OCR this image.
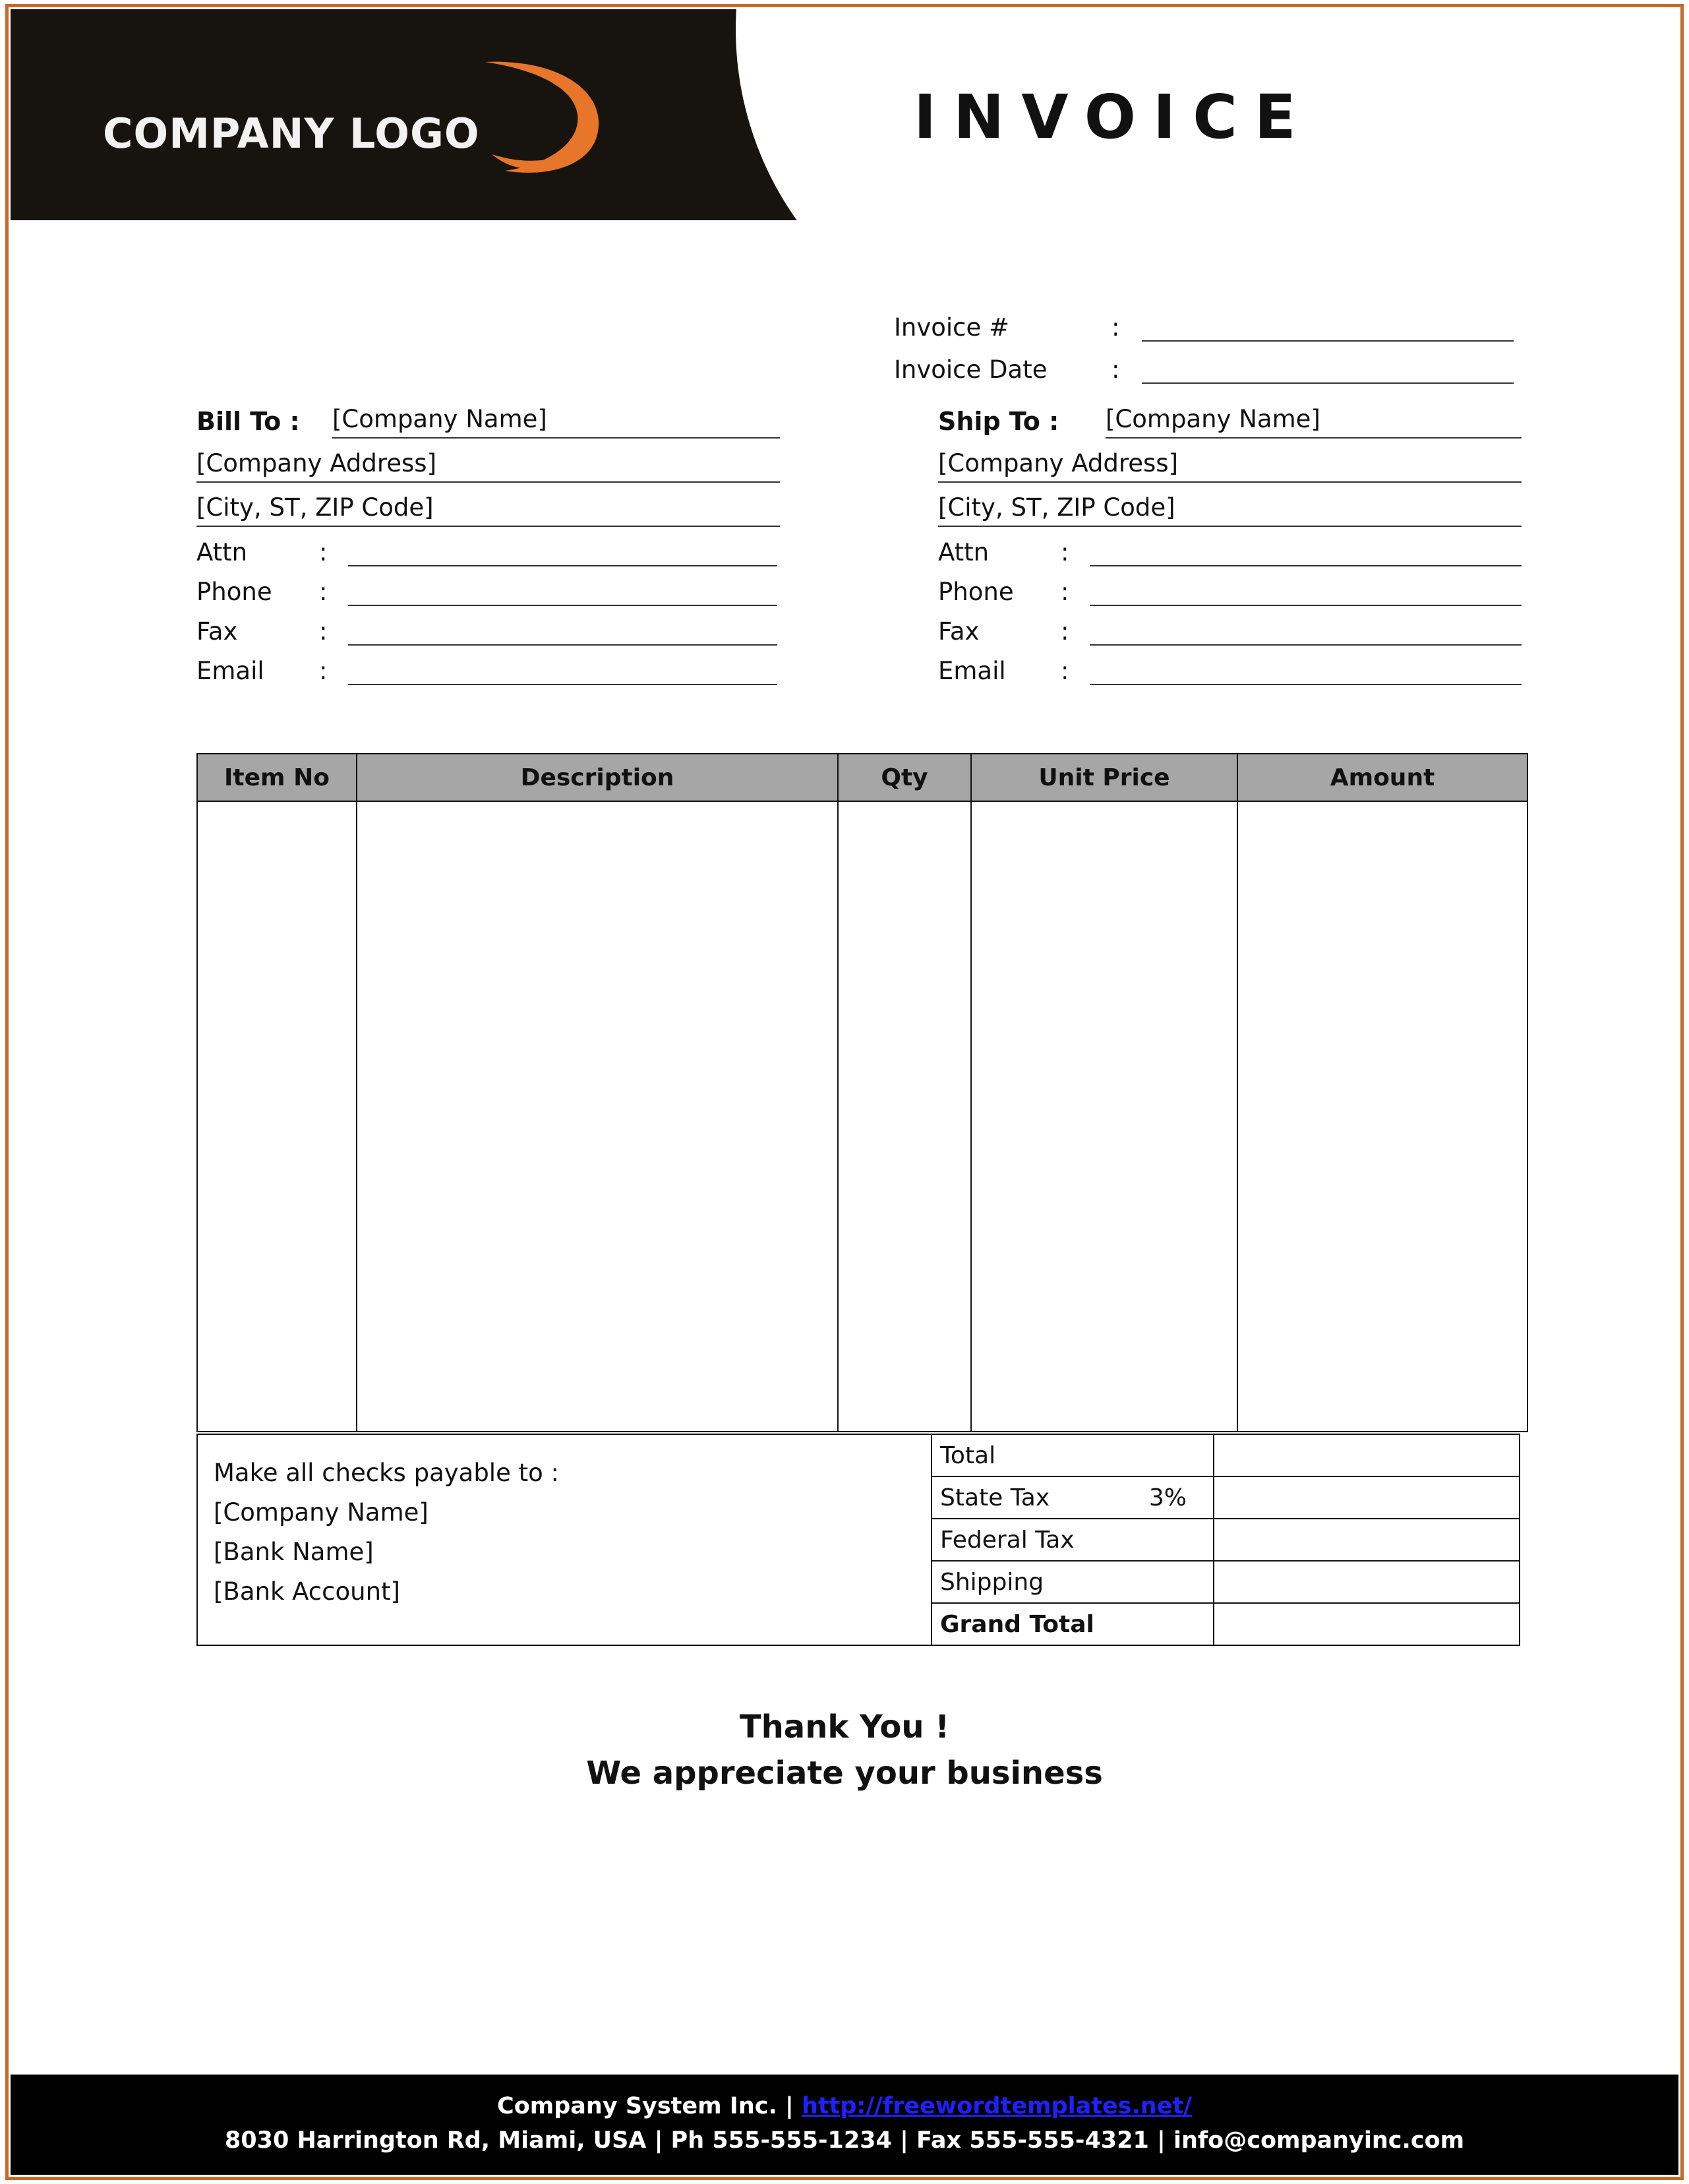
COMPANY LOGO	INVOICE
Invoice #	:
Invoice Date	:
Bill To :	[Company Name]
[Company Address]
[City, ST, ZIP Code]
Attn	:
Phone	:
Fax	:
Email	:
Ship To :	[Company Name]
[Company Address]
[City, ST, ZIP Code]
Attn	:
Phone	:
Fax	:
Email	:
Item No	Description	Qty	Unit Price	Amount

Make all checks payable to :
[Company Name]
[Bank Name]
[Bank Account]
Total	

State Tax 3%	

Federal Tax	
Shipping	
Grand Total	
Thank You !
We appreciate your business
Company System Inc. | http://freewordtemplates.net/
8030 Harrington Rd, Miami, USA | Ph 555-555-1234 | Fax 555-555-4321 | info@companyinc.com
